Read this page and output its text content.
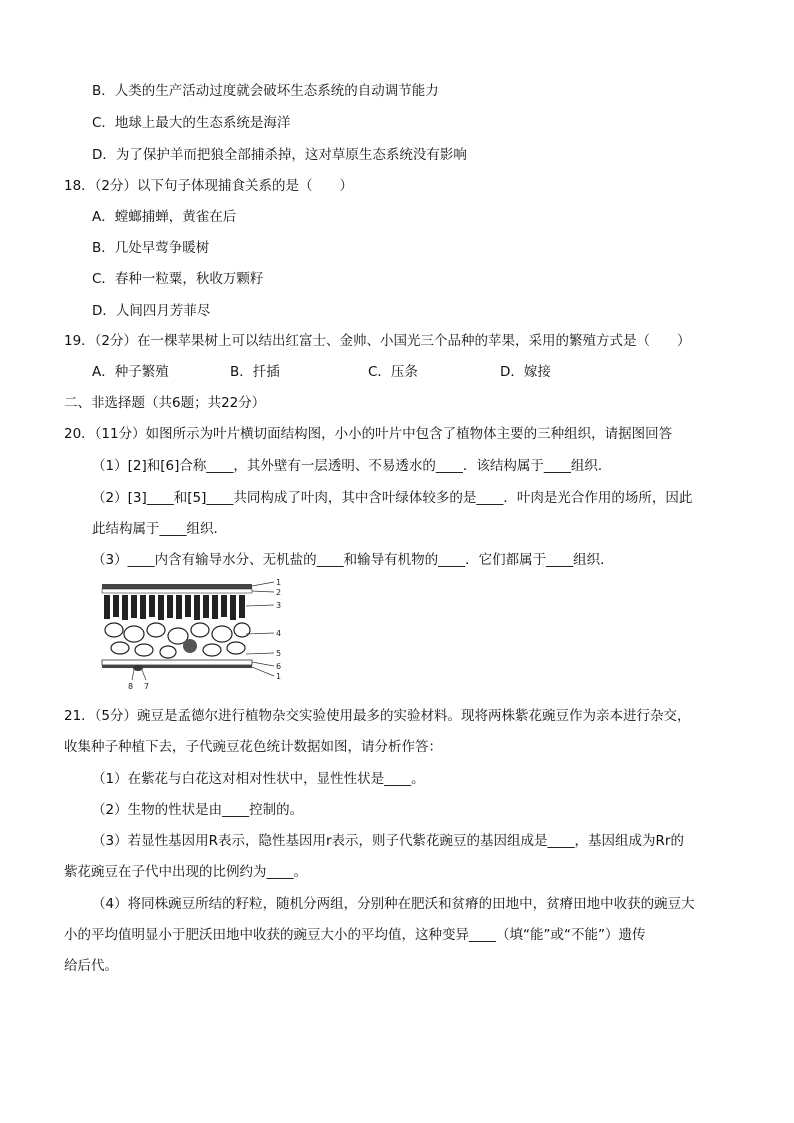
B．人类的生产活动过度就会破坏生态系统的自动调节能力
C．地球上最大的生态系统是海洋
D．为了保护羊而把狼全部捕杀掉，这对草原生态系统没有影响
18．（2分）以下句子体现捕食关系的是（　　）
A．螳螂捕蝉，黄雀在后
B．几处早莺争暖树
C．春种一粒粟，秋收万颗籽
D．人间四月芳菲尽
19．（2分）在一棵苹果树上可以结出红富士、金帅、小国光三个品种的苹果，采用的繁殖方式是（　　）
A．种子繁殖	B．扦插	C．压条	D．嫁接
二、非选择题（共6题；共22分）
20．（11分）如图所示为叶片横切面结构图，小小的叶片中包含了植物体主要的三种组织，请据图回答
（1）[2]和[6]合称____，其外壁有一层透明、不易透水的____．该结构属于____组织．
（2）[3]____和[5]____共同构成了叶肉，其中含叶绿体较多的是____．叶肉是光合作用的场所，因此
此结构属于____组织．
（3）____内含有输导水分、无机盐的____和输导有机物的____．它们都属于____组织．
1
2
3
4
5
6
1
8 7
21．（5分）豌豆是孟德尔进行植物杂交实验使用最多的实验材料。现将两株紫花豌豆作为亲本进行杂交，
收集种子种植下去，子代豌豆花色统计数据如图，请分析作答：
（1）在紫花与白花这对相对性状中，显性性状是____。
（2）生物的性状是由____控制的。
（3）若显性基因用R表示，隐性基因用r表示，则子代紫花豌豆的基因组成是____，基因组成为Rr的
紫花豌豆在子代中出现的比例约为____。
（4）将同株豌豆所结的籽粒，随机分两组，分别种在肥沃和贫瘠的田地中，贫瘠田地中收获的豌豆大
小的平均值明显小于肥沃田地中收获的豌豆大小的平均值，这种变异____（填“能”或“不能”）遗传
给后代。
